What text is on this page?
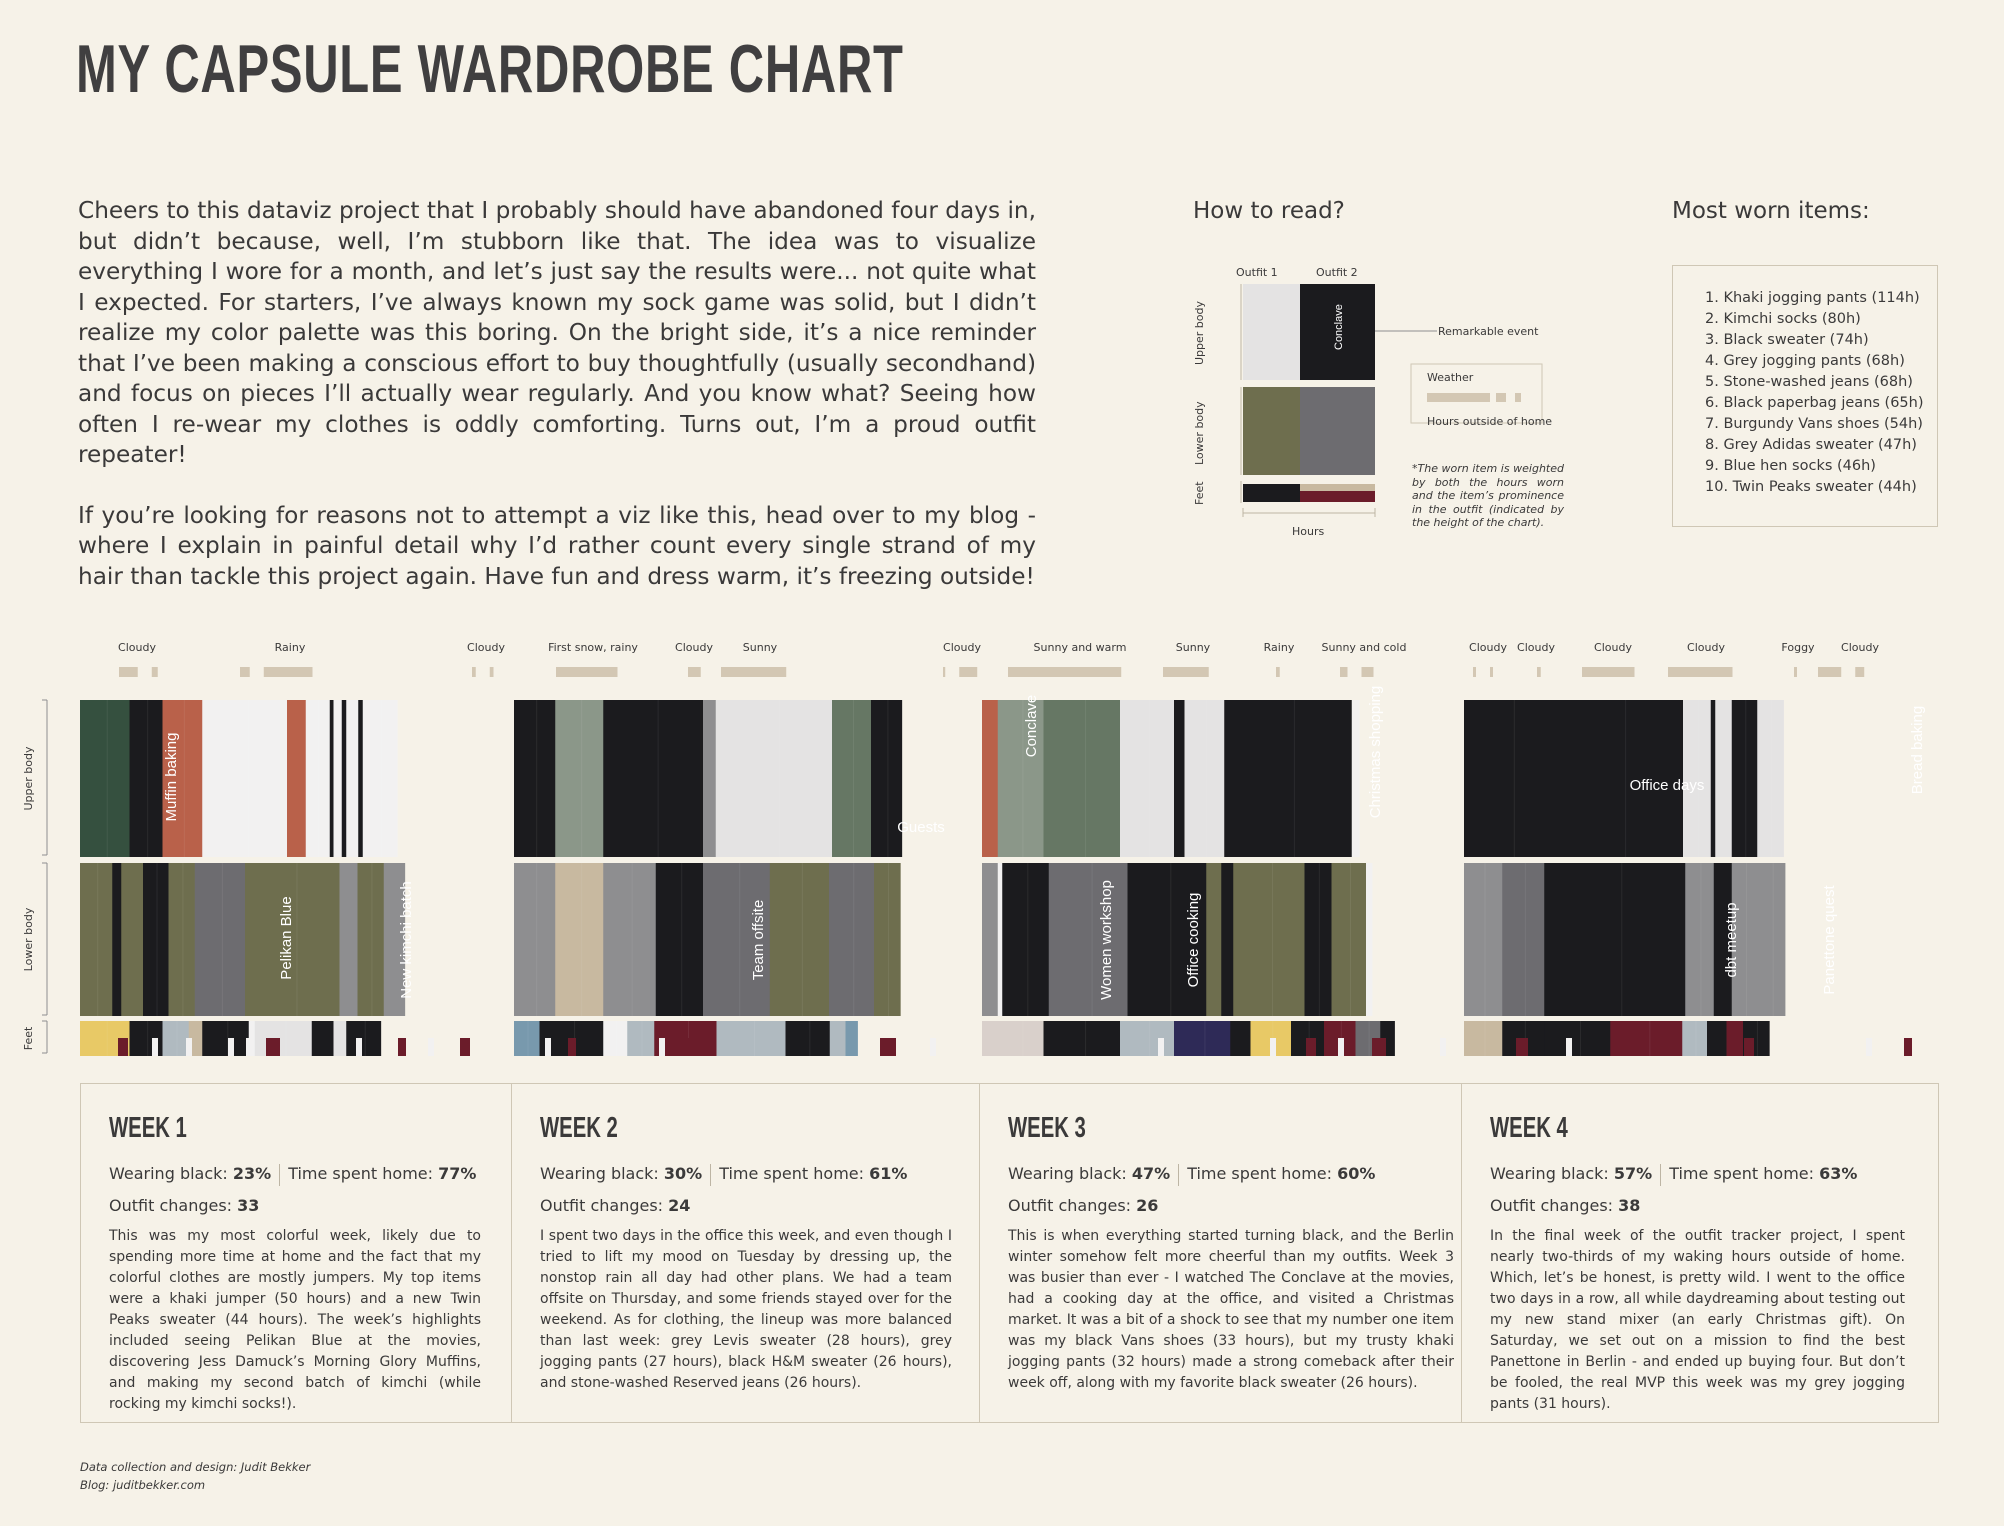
MY CAPSULE WARDROBE CHART

Cheers to this dataviz project that I probably should have abandoned four days in, but didn’t because, well, I’m stubborn like that. The idea was to visualize everything I wore for a month, and let’s just say the results were... not quite what I expected. For starters, I’ve always known my sock game was solid, but I didn’t realize my color palette was this boring. On the bright side, it’s a nice reminder that I’ve been making a conscious effort to buy thoughtfully (usually secondhand) and focus on pieces I’ll actually wear regularly. And you know what? Seeing how often I re-wear my clothes is oddly comforting. Turns out, I’m a proud outfit repeater!

If you’re looking for reasons not to attempt a viz like this, head over to my blog - where I explain in painful detail why I’d rather count every single strand of my hair than tackle this project again. Have fun and dress warm, it’s freezing outside!

How to read?
Outfit 1	Outfit 2
Upper body
Lower body
Feet
Conclave	Remarkable event
Hours
Weather
Hours outside of home
*The worn item is weighted by both the hours worn and the item’s prominence in the outfit (indicated by the height of the chart).
Most worn items:
1. Khaki jogging pants (114h)
2. Kimchi socks (80h)
3. Black sweater (74h)
4. Grey jogging pants (68h)
5. Stone-washed jeans (68h)
6. Black paperbag jeans (65h)
7. Burgundy Vans shoes (54h)
8. Grey Adidas sweater (47h)
9. Blue hen socks (46h)
10. Twin Peaks sweater (44h)
Upper body
Lower body
Feet
Cloudy	Rainy	Cloudy	First snow, rainy	Cloudy	Sunny	Cloudy	Sunny and warm	Sunny	Rainy Sunny and cold	Cloudy Cloudy	Cloudy	Cloudy	Foggy Cloudy
Muffin baking
Pelikan Blue	New kimchi batch	Team offsite
Guests
Conclave
Women workshop	Office cooking
Christmas shopping	Office days
dbt meetup	Panettone quest
Bread baking
WEEK 1
Wearing black: 23% Time spent home: 77%
Outfit changes: 33

This was my most colorful week, likely due to spending more time at home and the fact that my colorful clothes are mostly jumpers. My top items were a khaki jumper (50 hours) and a new Twin Peaks sweater (44 hours). The week’s highlights included seeing Pelikan Blue at the movies, discovering Jess Damuck’s Morning Glory Muffins, and making my second batch of kimchi (while rocking my kimchi socks!).

WEEK 2
Wearing black: 30% Time spent home: 61%
Outfit changes: 24

I spent two days in the office this week, and even though I tried to lift my mood on Tuesday by dressing up, the nonstop rain all day had other plans. We had a team offsite on Thursday, and some friends stayed over for the weekend. As for clothing, the lineup was more balanced than last week: grey Levis sweater (28 hours), grey jogging pants (27 hours), black H&M sweater (26 hours), and stone-washed Reserved jeans (26 hours).

WEEK 3
Wearing black: 47% Time spent home: 60%
Outfit changes: 26

This is when everything started turning black, and the Berlin winter somehow felt more cheerful than my outfits. Week 3 was busier than ever - I watched The Conclave at the movies, had a cooking day at the office, and visited a Christmas market. It was a bit of a shock to see that my number one item was my black Vans shoes (33 hours), but my trusty khaki jogging pants (32 hours) made a strong comeback after their week off, along with my favorite black sweater (26 hours).

WEEK 4
Wearing black: 57% Time spent home: 63%
Outfit changes: 38

In the final week of the outfit tracker project, I spent nearly two-thirds of my waking hours outside of home. Which, let’s be honest, is pretty wild. I went to the office two days in a row, all while daydreaming about testing out my new stand mixer (an early Christmas gift). On Saturday, we set out on a mission to find the best Panettone in Berlin - and ended up buying four. But don’t be fooled, the real MVP this week was my grey jogging pants (31 hours).

Data collection and design: Judit Bekker
Blog: juditbekker.com
